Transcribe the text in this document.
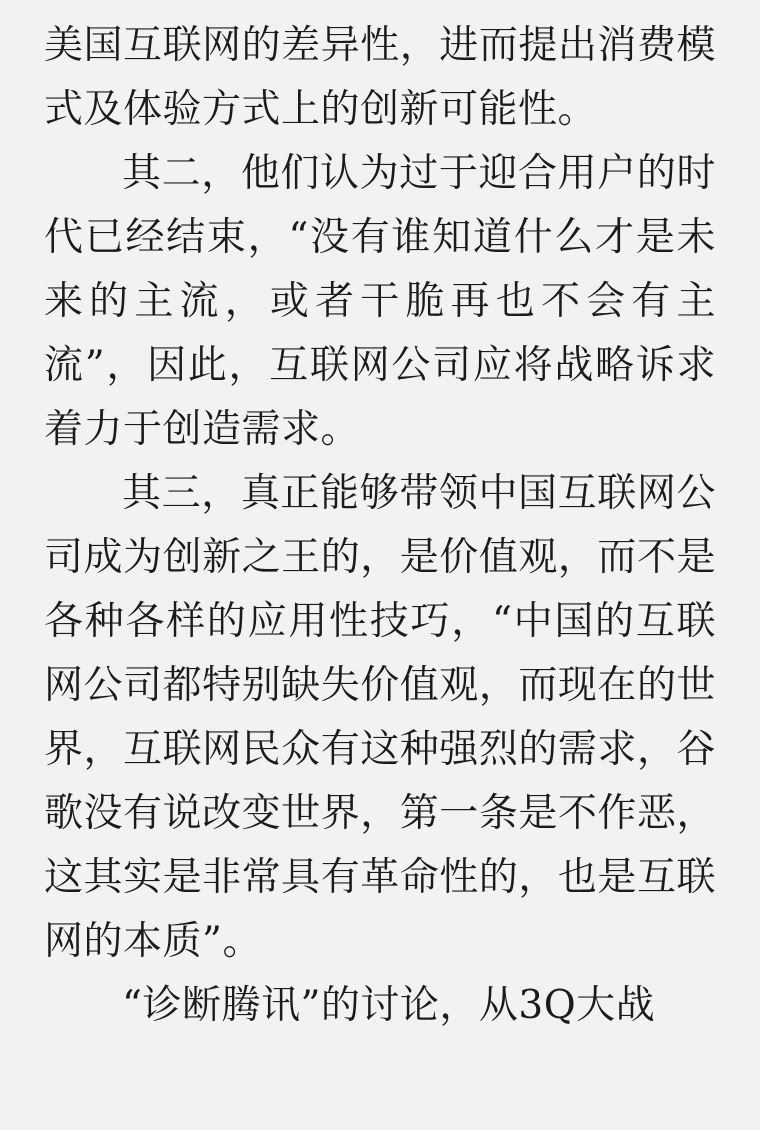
美国互联网的差异性，进而提出消费模式及体验方式上的创新可能性。

其二，他们认为过于迎合用户的时代已经结束，“没有谁知道什么才是未来的主流，或者干脆再也不会有主流”，因此，互联网公司应将战略诉求着力于创造需求。

其三，真正能够带领中国互联网公司成为创新之王的，是价值观，而不是各种各样的应用性技巧，“中国的互联网公司都特别缺失价值观，而现在的世界，互联网民众有这种强烈的需求，谷歌没有说改变世界，第一条是不作恶，这其实是非常具有革命性的，也是互联网的本质”。

“诊断腾讯”的讨论，从3Q大战
